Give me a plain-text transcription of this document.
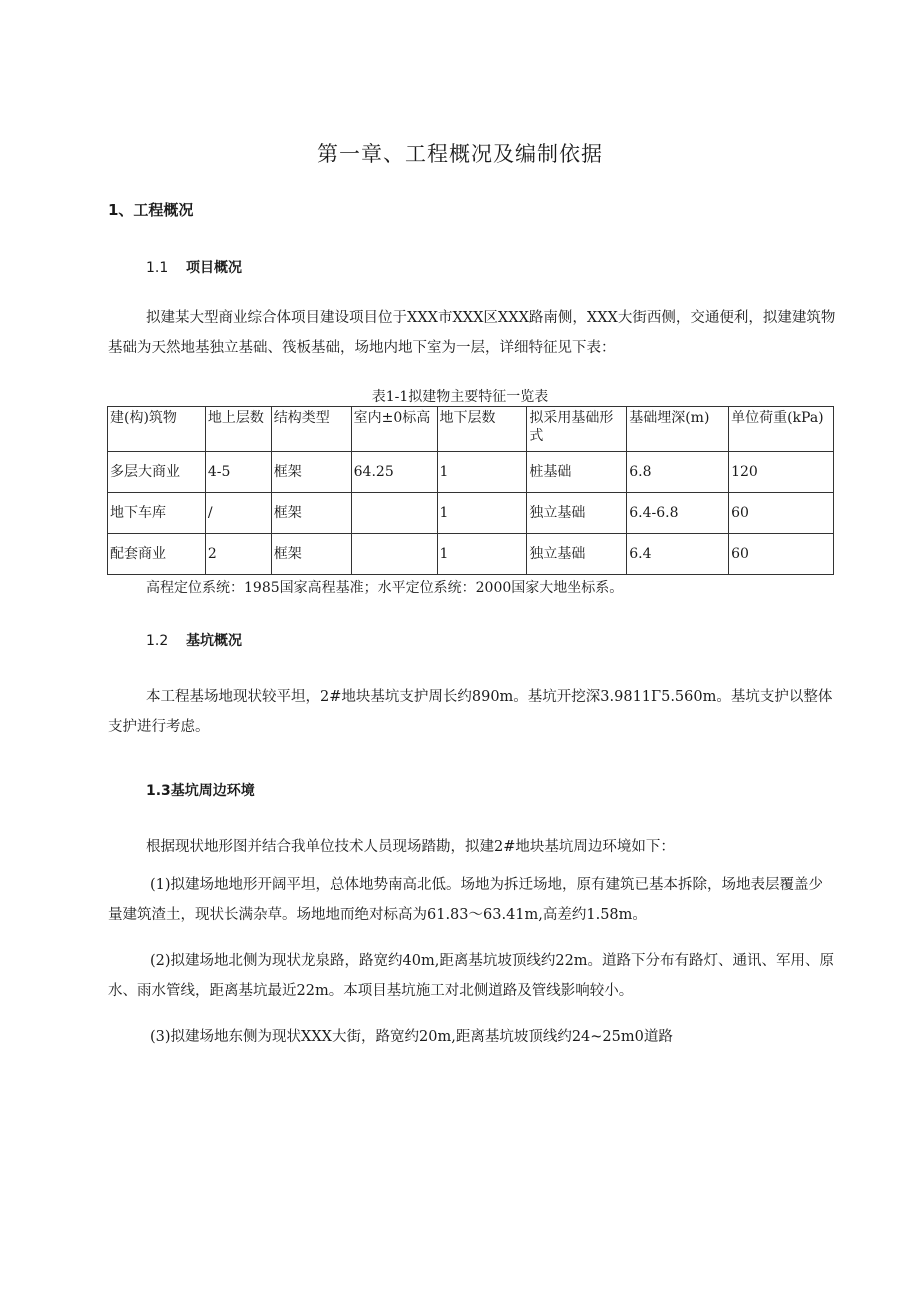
第一章、工程概况及编制依据
1、工程概况
1.1 项目概况
拟建某大型商业综合体项目建设项目位于XXX市XXX区XXX路南侧，XXX大街西侧，交通便利，拟建建筑物基础为天然地基独立基础、筏板基础，场地内地下室为一层，详细特征见下表：
表1-1拟建物主要特征一览表
建(构)筑物	地上层数	结构类型	室内±0标高	地下层数	拟采用基础形式	基础埋深(m)	单位荷重(kPa)
多层大商业	4-5	框架	64.25	1	桩基础	6.8	120
地下车库	/	框架		1	独立基础	6.4-6.8	60
配套商业	2	框架		1	独立基础	6.4	60
高程定位系统：1985国家高程基准；水平定位系统：2000国家大地坐标系。
1.2 基坑概况
本工程基场地现状较平坦，2#地块基坑支护周长约890m。基坑开挖深3.9811Γ5.560m。基坑支护以整体支护进行考虑。
1.3基坑周边环境
根据现状地形图并结合我单位技术人员现场踏勘，拟建2#地块基坑周边环境如下：
(1)拟建场地地形开阔平坦，总体地势南高北低。场地为拆迁场地，原有建筑已基本拆除，场地表层覆盖少量建筑渣土，现状长满杂草。场地地而绝对标高为61.83～63.41m,高差约1.58m。
(2)拟建场地北侧为现状龙泉路，路宽约40m,距离基坑坡顶线约22m。道路下分布有路灯、通讯、军用、原水、雨水管线，距离基坑最近22m。本项目基坑施工对北侧道路及管线影响较小。
(3)拟建场地东侧为现状XXX大街，路宽约20m,距离基坑坡顶线约24~25m0道路
